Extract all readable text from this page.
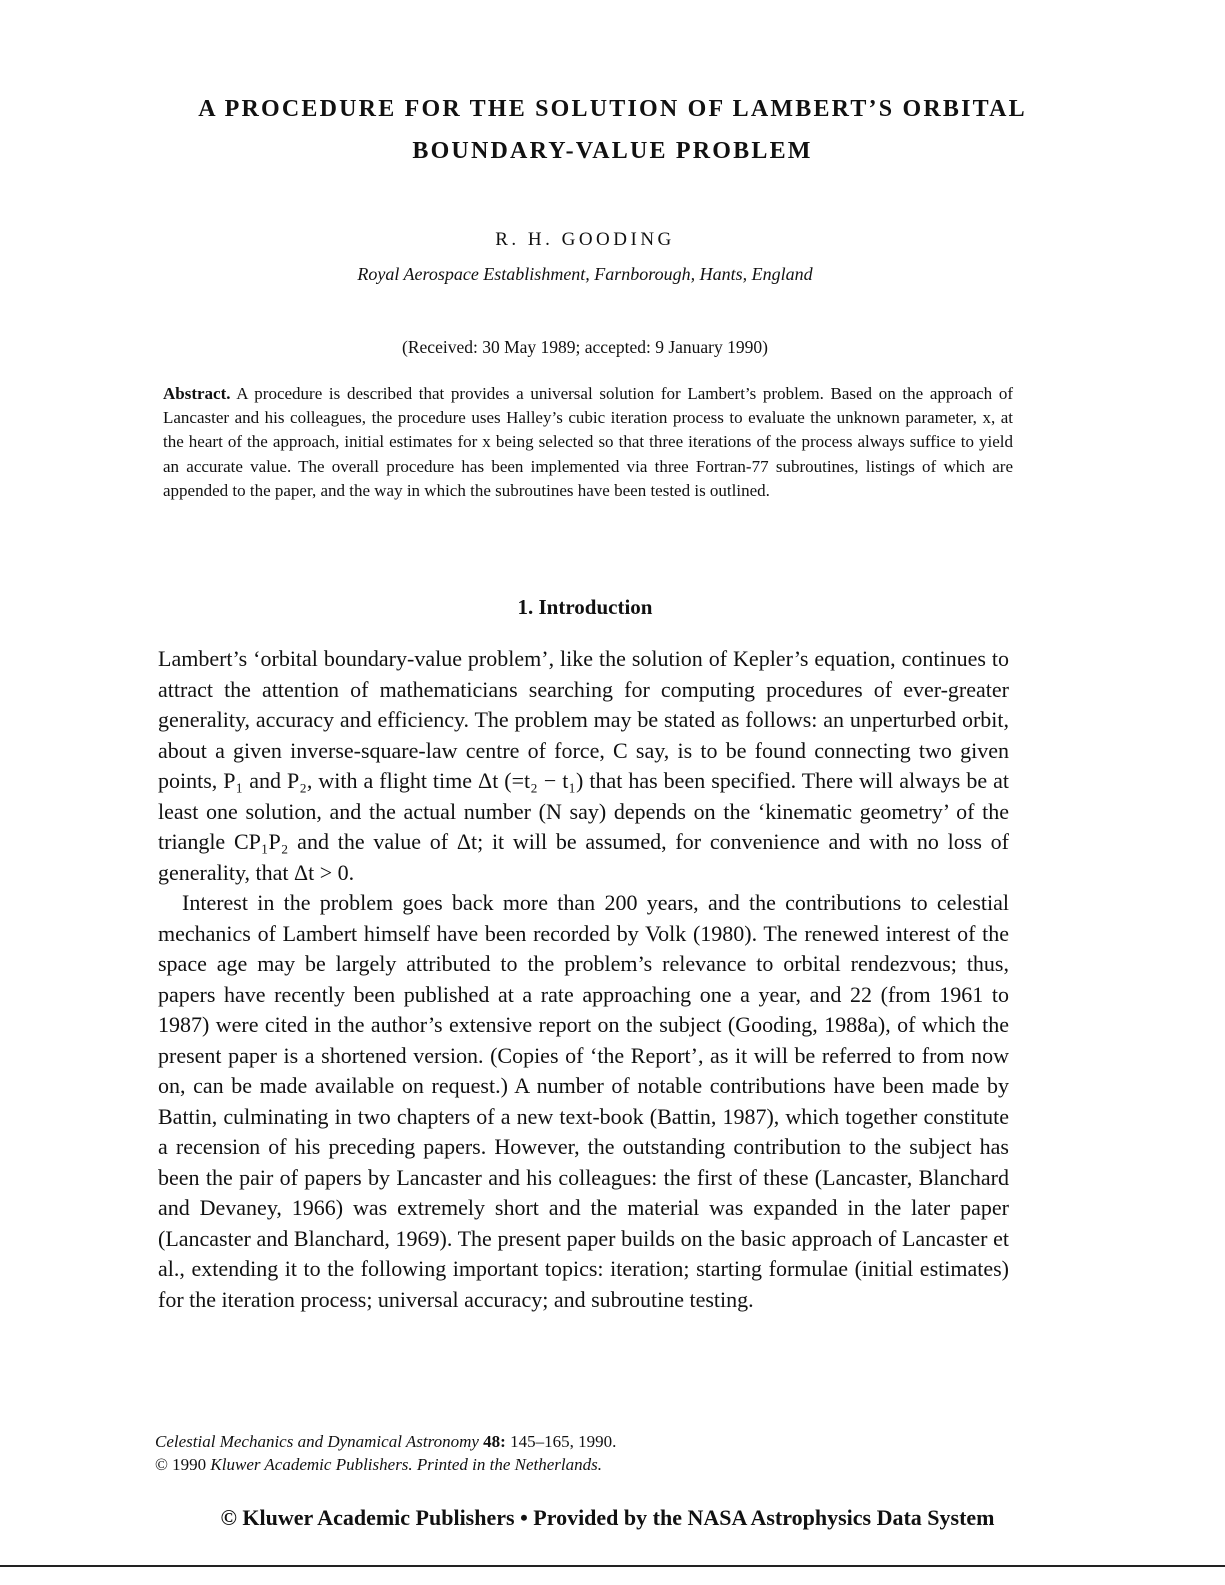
A PROCEDURE FOR THE SOLUTION OF LAMBERT’S ORBITAL
BOUNDARY-VALUE PROBLEM
R. H. GOODING
Royal Aerospace Establishment, Farnborough, Hants, England
(Received: 30 May 1989; accepted: 9 January 1990)
Abstract. A procedure is described that provides a universal solution for Lambert’s problem. Based on the approach of Lancaster and his colleagues, the procedure uses Halley’s cubic iteration process to evaluate the unknown parameter, x, at the heart of the approach, initial estimates for x being selected so that three iterations of the process always suffice to yield an accurate value. The overall procedure has been implemented via three Fortran-77 subroutines, listings of which are appended to the paper, and the way in which the subroutines have been tested is outlined.
1. Introduction

Lambert’s ‘orbital boundary-value problem’, like the solution of Kepler’s equation, continues to attract the attention of mathematicians searching for computing procedures of ever-greater generality, accuracy and efficiency. The problem may be stated as follows: an unperturbed orbit, about a given inverse-square-law centre of force, C say, is to be found connecting two given points, P₁ and P₂, with a flight time Δt (=t₂ − t₁) that has been specified. There will always be at least one solution, and the actual number (N say) depends on the ‘kinematic geometry’ of the triangle CP₁P₂ and the value of Δt; it will be assumed, for convenience and with no loss of generality, that Δt > 0.

Interest in the problem goes back more than 200 years, and the contributions to celestial mechanics of Lambert himself have been recorded by Volk (1980). The renewed interest of the space age may be largely attributed to the problem’s relevance to orbital rendezvous; thus, papers have recently been published at a rate approaching one a year, and 22 (from 1961 to 1987) were cited in the author’s extensive report on the subject (Gooding, 1988a), of which the present paper is a shortened version. (Copies of ‘the Report’, as it will be referred to from now on, can be made available on request.) A number of notable contributions have been made by Battin, culminating in two chapters of a new text-book (Battin, 1987), which together constitute a recension of his preceding papers. However, the outstanding contribution to the subject has been the pair of papers by Lancaster and his colleagues: the first of these (Lancaster, Blanchard and Devaney, 1966) was extremely short and the material was expanded in the later paper (Lancaster and Blanchard, 1969). The present paper builds on the basic approach of Lancaster et al., extending it to the following important topics: iteration; starting formulae (initial estimates) for the iteration process; universal accuracy; and subroutine testing.

Celestial Mechanics and Dynamical Astronomy 48: 145–165, 1990.
© 1990 Kluwer Academic Publishers. Printed in the Netherlands.
© Kluwer Academic Publishers • Provided by the NASA Astrophysics Data System
